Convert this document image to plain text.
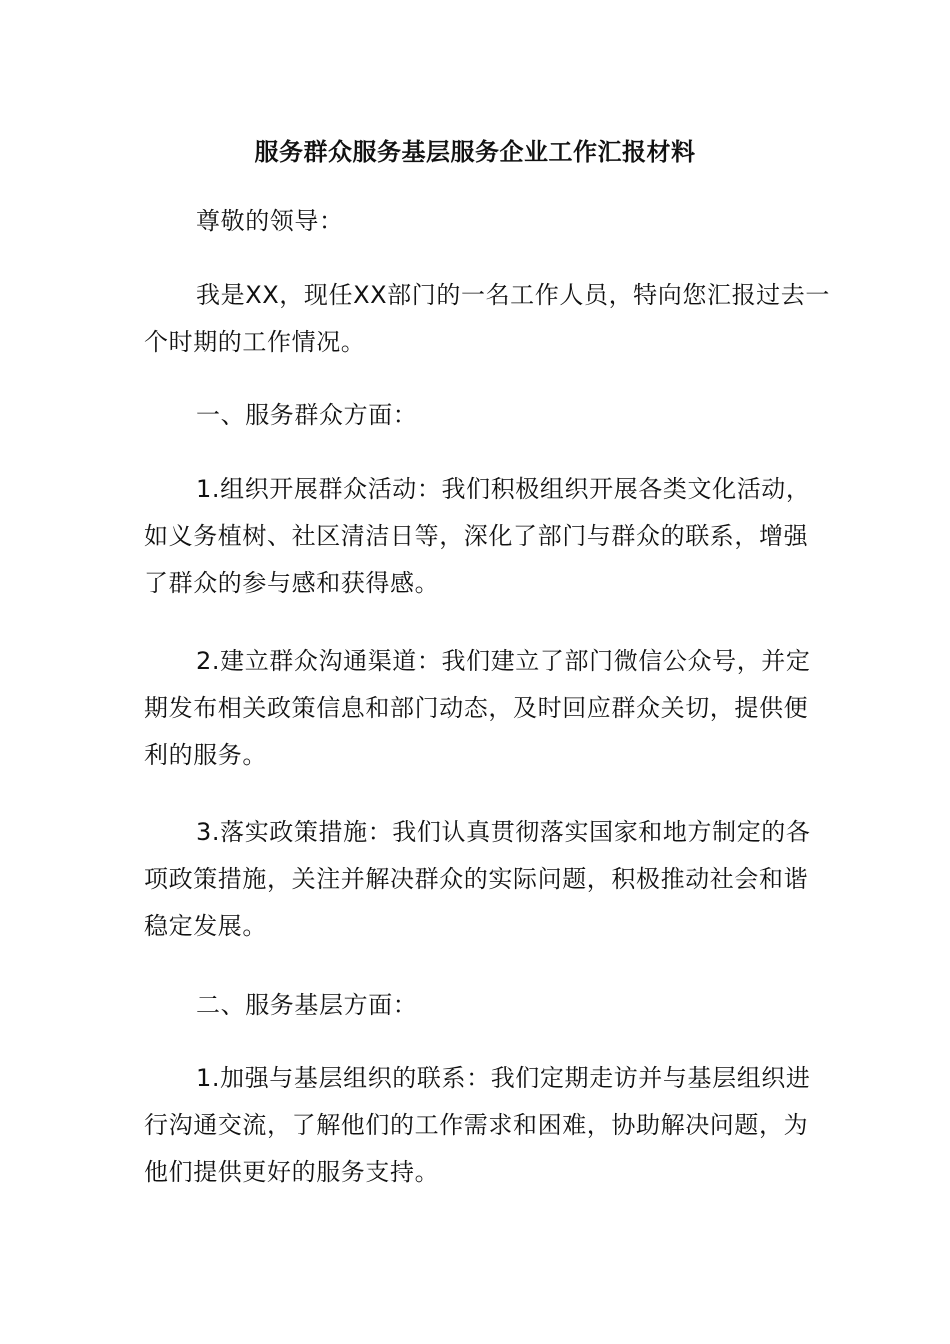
服务群众服务基层服务企业工作汇报材料

尊敬的领导：

我是XX，现任XX部门的一名工作人员，特向您汇报过去一个时期的工作情况。

一、服务群众方面：

1.组织开展群众活动：我们积极组织开展各类文化活动，如义务植树、社区清洁日等，深化了部门与群众的联系，增强了群众的参与感和获得感。

2.建立群众沟通渠道：我们建立了部门微信公众号，并定期发布相关政策信息和部门动态，及时回应群众关切，提供便利的服务。

3.落实政策措施：我们认真贯彻落实国家和地方制定的各项政策措施，关注并解决群众的实际问题，积极推动社会和谐稳定发展。

二、服务基层方面：

1.加强与基层组织的联系：我们定期走访并与基层组织进行沟通交流，了解他们的工作需求和困难，协助解决问题，为他们提供更好的服务支持。
